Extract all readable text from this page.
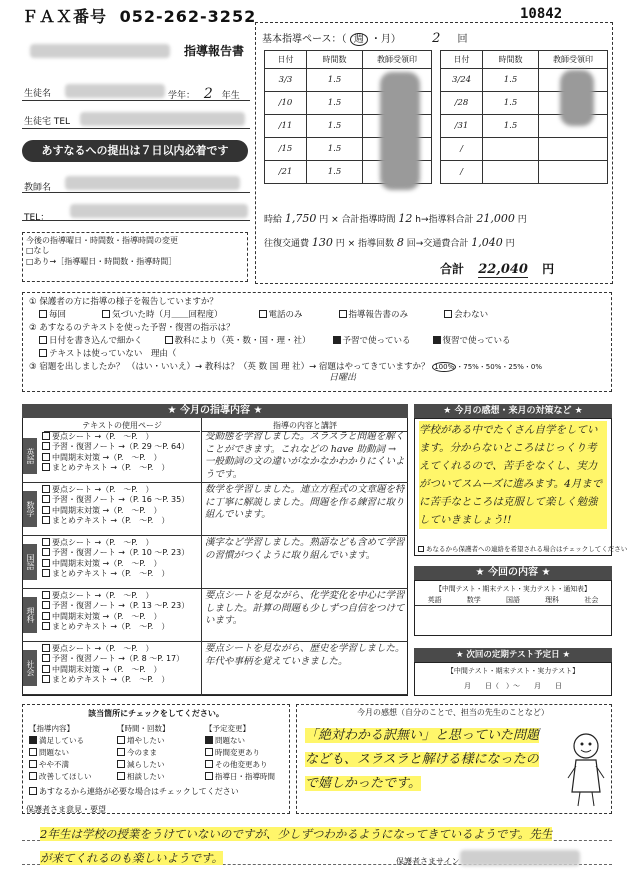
ＦＡＸ番号 052-262-3252	10842
指導報告書
生徒名	学年： 2 年生
生徒宅 TEL
あすなるへの提出は７日以内必着です
教師名
TEL：
今後の指導曜日・時間数・指導時間の変更
□なし
□あり→［指導曜日・時間数・指導時間］
基本指導ペース：（ 週 ・月） 2 回
日付	時間数	教師受領印
3/3	1.5	
/10	1.5	
/11	1.5	
/15	1.5	
/21	1.5	
日付	時間数	教師受領印
3/24	1.5	
/28	1.5	
/31	1.5	
/		
/		
時給 1,750 円 × 合計指導時間 12 h→指導料合計 21,000 円
往復交通費 130 円 × 指導回数 8 回→交通費合計 1,040 円
合計 22,040 円
① 保護者の方に指導の様子を報告していますか？
毎回	気づいた時（月＿＿回程度）	電話のみ	指導報告書のみ	会わない
② あすなるのテキストを使った予習・復習の指示は？
日付を書き込んで細かく	教科により（英・数・国・理・社）	予習で使っている	復習で使っている
テキストは使っていない　理由（
③ 宿題を出しましたか？ （はい・いいえ）→ 教科は？（英 数 国 理 社）→ 宿題はやってきていますか？ 100% ・75%・50%・25%・0%
日曜出
★ 今月の指導内容 ★
テキストの使用ページ	指導の内容と講評
英語
要点シート →（P.　〜P.　）
予習・復習ノート →（P. 29 〜P. 64）
中間期末対策 →（P.　〜P.　）
まとめテキスト →（P.　〜P.　）
受動態を学習しました。スラスラと問題を解くことができます。これなどの have 助動詞 → 一般動詞の文の違いがなかなかわかりにくいようです。
数学
要点シート →（P.　〜P.　）
予習・復習ノート →（P. 16 〜P. 35）
中間期末対策 →（P.　〜P.　）
まとめテキスト →（P.　〜P.　）
数学を学習しました。連立方程式の文章題を特に丁寧に解説しました。問題を作る練習に取り組んでいます。
国語
要点シート →（P.　〜P.　）
予習・復習ノート →（P. 10 〜P. 23）
中間期末対策 →（P.　〜P.　）
まとめテキスト →（P.　〜P.　）
漢字など学習しました。熟語なども含めて学習の習慣がつくように取り組んでいます。
理科
要点シート →（P.　〜P.　）
予習・復習ノート →（P. 13 〜P. 23）
中間期末対策 →（P.　〜P.　）
まとめテキスト →（P.　〜P.　）
要点シートを見ながら、化学変化を中心に学習しました。計算の問題も少しずつ自信をつけています。
社会
要点シート →（P.　〜P.　）
予習・復習ノート →（P. 8 〜P. 17）
中間期末対策 →（P.　〜P.　）
まとめテキスト →（P.　〜P.　）
要点シートを見ながら、歴史を学習しました。年代や事柄を覚えていきました。
★ 今月の感想・来月の対策など ★
学校がある中でたくさん自学をしています。分からないところはじっくり考えてくれるので、苦手をなくし、実力がついてスムーズに進みます。4月までに苦手なところは克服して楽しく勉強していきましょう!!
あなるから保護者への連絡を希望される場合はチェックしてください
★ 今回の内容 ★
【中間テスト・期末テスト・実力テスト・通知表】
英語	数学	国語	理科	社会

★ 次回の定期テスト予定日 ★
【中間テスト・期末テスト・実力テスト】
月　　日（　）〜　　月　　日
該当箇所にチェックをしてください。
【指導内容】
満足している
問題ない
やや不満
改善してほしい
【時間・回数】
増やしたい
今のまま
減らしたい
相談したい
【予定変更】
問題ない
時間変更あり
その他変更あり
指導日・指導時間
あすなるから連絡が必要な場合はチェックしてください
保護者さま意見・要望
今月の感想（自分のことで、担当の先生のことなど）
「絶対わかる訳無い」と思っていた問題なども、スラスラと解ける様になったので嬉しかったです。
2年生は学校の授業をうけていないのですが、少しずつわかるようになってきているようです。先生が来てくれるのも楽しいようです。	保護者さまサイン
